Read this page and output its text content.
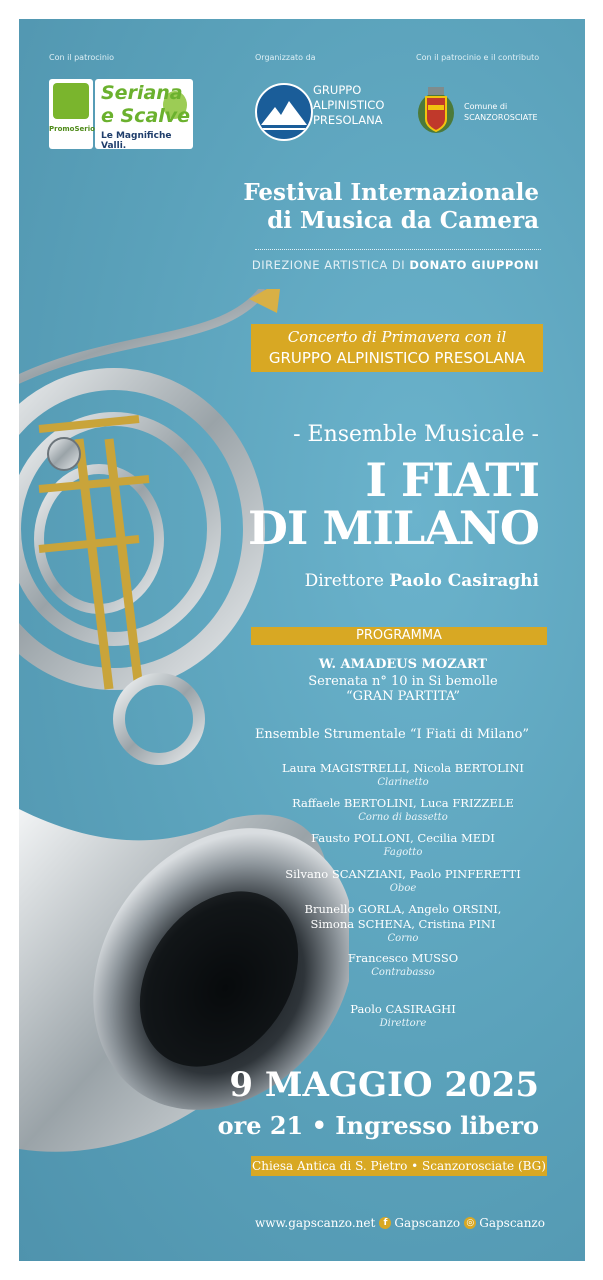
Con il patrocinio	Organizzato da	Con il patrocinio e il contributo
PromoSerio
Seriana
e Scalve
Le Magnifiche Valli.
GRUPPO
ALPINISTICO
PRESOLANA
Comune di
SCANZOROSCIATE
Festival Internazionale
di Musica da Camera
DIREZIONE ARTISTICA DI DONATO GIUPPONI
Concerto di Primavera con il
GRUPPO ALPINISTICO PRESOLANA
- Ensemble Musicale -
I FIATI
DI MILANO
Direttore Paolo Casiraghi
PROGRAMMA
W. AMADEUS MOZART
Serenata n° 10 in Si bemolle
“GRAN PARTITA”
Ensemble Strumentale “I Fiati di Milano”
Laura MAGISTRELLI, Nicola BERTOLINI
Clarinetto
Raffaele BERTOLINI, Luca FRIZZELE
Corno di bassetto
Fausto POLLONI, Cecilia MEDI
Fagotto
Silvano SCANZIANI, Paolo PINFERETTI
Oboe
Brunello GORLA, Angelo ORSINI,
Simona SCHENA, Cristina PINI
Corno
Francesco MUSSO
Contrabasso
Paolo CASIRAGHI
Direttore
9 MAGGIO 2025
ore 21 • Ingresso libero
Chiesa Antica di S. Pietro • Scanzorosciate (BG)
www.gapscanzo.net f Gapscanzo ◎ Gapscanzo
